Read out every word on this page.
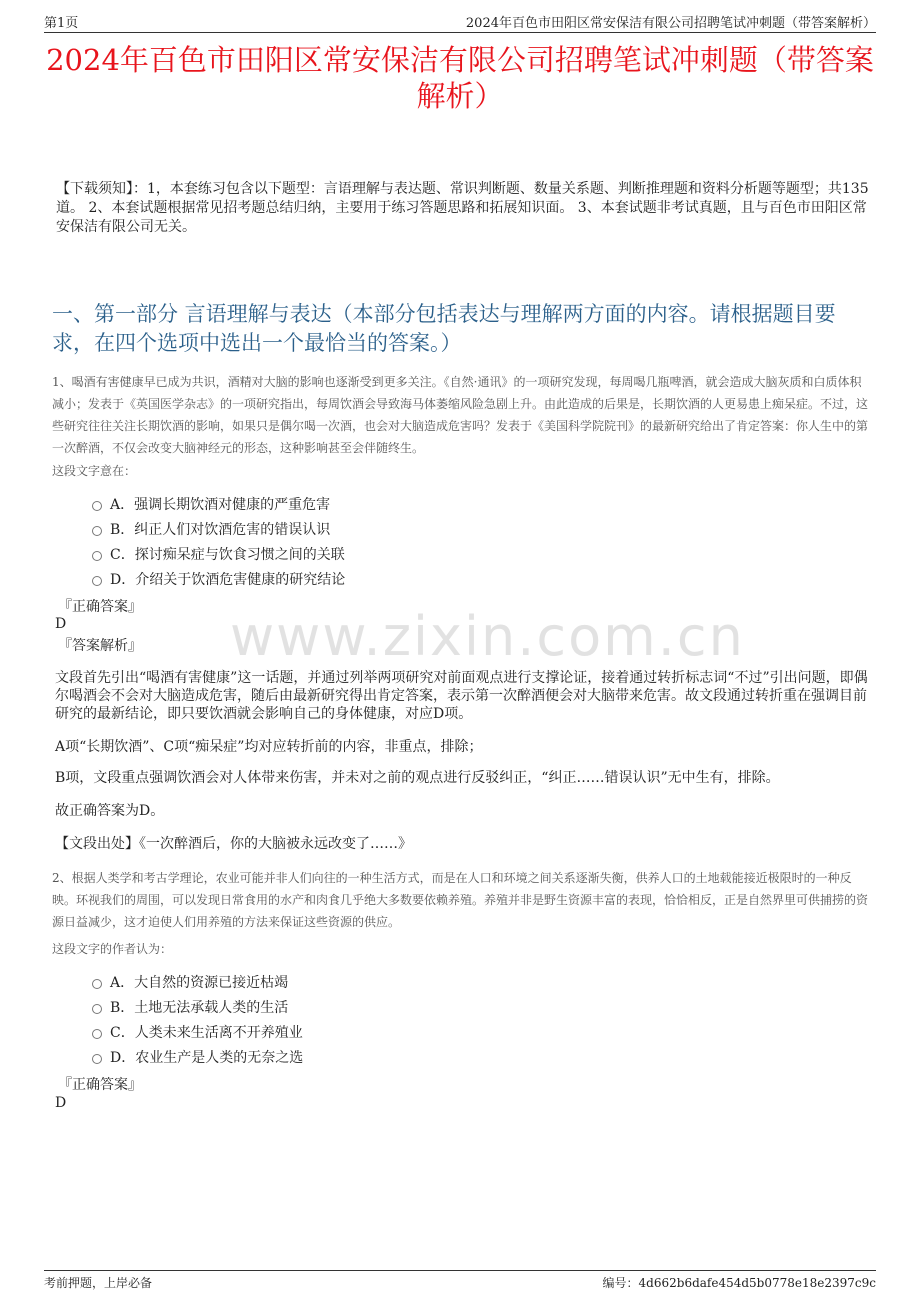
第1页	2024年百色市田阳区常安保洁有限公司招聘笔试冲刺题（带答案解析）
2024年百色市田阳区常安保洁有限公司招聘笔试冲刺题（带答案解析）
【下载须知】：1，本套练习包含以下题型：言语理解与表达题、常识判断题、数量关系题、判断推理题和资料分析题等题型；共135道。 2、本套试题根据常见招考题总结归纳，主要用于练习答题思路和拓展知识面。 3、本套试题非考试真题，且与百色市田阳区常安保洁有限公司无关。
一、第一部分 言语理解与表达（本部分包括表达与理解两方面的内容。请根据题目要求，在四个选项中选出一个最恰当的答案。）
1、喝酒有害健康早已成为共识，酒精对大脑的影响也逐渐受到更多关注。《自然·通讯》的一项研究发现，每周喝几瓶啤酒，就会造成大脑灰质和白质体积减小；发表于《英国医学杂志》的一项研究指出，每周饮酒会导致海马体萎缩风险急剧上升。由此造成的后果是，长期饮酒的人更易患上痴呆症。不过，这些研究往往关注长期饮酒的影响，如果只是偶尔喝一次酒，也会对大脑造成危害吗？发表于《美国科学院院刊》的最新研究给出了肯定答案：你人生中的第一次醉酒，不仅会改变大脑神经元的形态，这种影响甚至会伴随终生。
这段文字意在：
A．强调长期饮酒对健康的严重危害
B．纠正人们对饮酒危害的错误认识
C．探讨痴呆症与饮食习惯之间的关联
D．介绍关于饮酒危害健康的研究结论
『正确答案』
D
『答案解析』 www.zixin.com.cn
文段首先引出“喝酒有害健康”这一话题，并通过列举两项研究对前面观点进行支撑论证，接着通过转折标志词“不过”引出问题，即偶尔喝酒会不会对大脑造成危害，随后由最新研究得出肯定答案，表示第一次醉酒便会对大脑带来危害。故文段通过转折重在强调目前研究的最新结论，即只要饮酒就会影响自己的身体健康，对应D项。
A项“长期饮酒”、C项“痴呆症”均对应转折前的内容，非重点，排除；
B项，文段重点强调饮酒会对人体带来伤害，并未对之前的观点进行反驳纠正，“纠正……错误认识”无中生有，排除。
故正确答案为D。
【文段出处】《一次醉酒后，你的大脑被永远改变了……》
2、根据人类学和考古学理论，农业可能并非人们向往的一种生活方式，而是在人口和环境之间关系逐渐失衡，供养人口的土地载能接近极限时的一种反映。环视我们的周围，可以发现日常食用的水产和肉食几乎绝大多数要依赖养殖。养殖并非是野生资源丰富的表现，恰恰相反，正是自然界里可供捕捞的资源日益减少，这才迫使人们用养殖的方法来保证这些资源的供应。
这段文字的作者认为：
A．大自然的资源已接近枯竭
B．土地无法承载人类的生活
C．人类未来生活离不开养殖业
D．农业生产是人类的无奈之选
『正确答案』
D
考前押题，上岸必备	编号：4d662b6dafe454d5b0778e18e2397c9c
